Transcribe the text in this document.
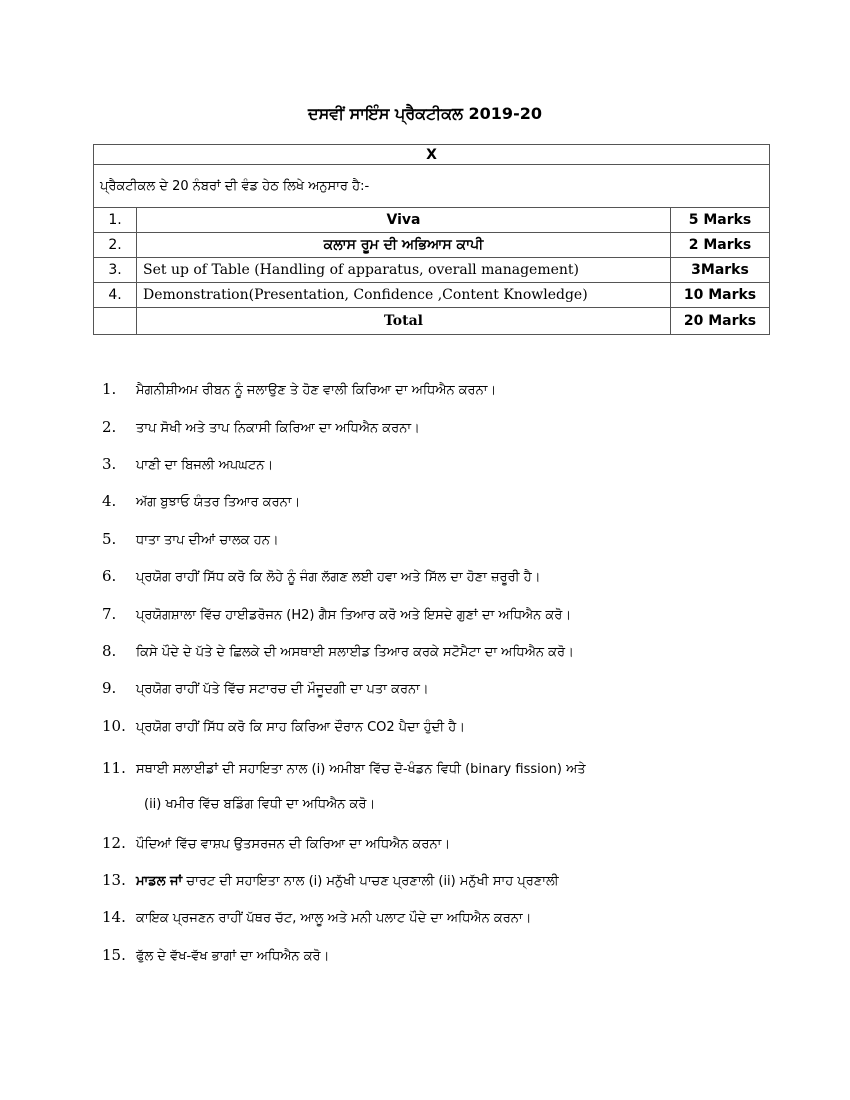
ਦਸਵੀਂ ਸਾਇੰਸ ਪ੍ਰੈਕਟੀਕਲ 2019-20
X		
ਪ੍ਰੈਕਟੀਕਲ ਦੇ 20 ਨੰਬਰਾਂ ਦੀ ਵੰਡ ਹੇਠ ਲਿਖੇ ਅਨੁਸਾਰ ਹੈ:-		
1.	Viva	5 Marks
2.	ਕਲਾਸ ਰੂਮ ਦੀ ਅਭਿਆਸ ਕਾਪੀ	2 Marks
3.	Set up of Table (Handling of apparatus, overall management)	3Marks
4.	Demonstration(Presentation, Confidence ,Content Knowledge)	10 Marks
	Total	20 Marks
1. ਮੈਗਨੀਸ਼ੀਅਮ ਰੀਬਨ ਨੂੰ ਜਲਾਉਣ ਤੇ ਹੋਣ ਵਾਲੀ ਕਿਰਿਆ ਦਾ ਅਧਿਐਨ ਕਰਨਾ।
2. ਤਾਪ ਸੋਖੀ ਅਤੇ ਤਾਪ ਨਿਕਾਸੀ ਕਿਰਿਆ ਦਾ ਅਧਿਐਨ ਕਰਨਾ।
3. ਪਾਣੀ ਦਾ ਬਿਜਲੀ ਅਪਘਟਨ।
4. ਅੱਗ ਬੁਝਾਓ ਯੰਤਰ ਤਿਆਰ ਕਰਨਾ।
5. ਧਾਤਾ ਤਾਪ ਦੀਆਂ ਚਾਲਕ ਹਨ।
6. ਪ੍ਰਯੋਗ ਰਾਹੀਂ ਸਿੱਧ ਕਰੋ ਕਿ ਲੋਹੇ ਨੂੰ ਜੰਗ ਲੱਗਣ ਲਈ ਹਵਾ ਅਤੇ ਸਿੱਲ ਦਾ ਹੋਣਾ ਜ਼ਰੂਰੀ ਹੈ।
7. ਪ੍ਰਯੋਗਸ਼ਾਲਾ ਵਿੱਚ ਹਾਈਡਰੋਜਨ (H2) ਗੈਸ ਤਿਆਰ ਕਰੋ ਅਤੇ ਇਸਦੇ ਗੁਣਾਂ ਦਾ ਅਧਿਐਨ ਕਰੋ।
8. ਕਿਸੇ ਪੌਦੇ ਦੇ ਪੱਤੇ ਦੇ ਛਿਲਕੇ ਦੀ ਅਸਥਾਈ ਸਲਾਈਡ ਤਿਆਰ ਕਰਕੇ ਸਟੋਮੈਟਾ ਦਾ ਅਧਿਐਨ ਕਰੋ।
9. ਪ੍ਰਯੋਗ ਰਾਹੀਂ ਪੱਤੇ ਵਿੱਚ ਸਟਾਰਚ ਦੀ ਮੌਜੂਦਗੀ ਦਾ ਪਤਾ ਕਰਨਾ।
10. ਪ੍ਰਯੋਗ ਰਾਹੀਂ ਸਿੱਧ ਕਰੋ ਕਿ ਸਾਹ ਕਿਰਿਆ ਦੌਰਾਨ CO2 ਪੈਦਾ ਹੁੰਦੀ ਹੈ।
11. ਸਥਾਈ ਸਲਾਈਡਾਂ ਦੀ ਸਹਾਇਤਾ ਨਾਲ (i) ਅਮੀਬਾ ਵਿੱਚ ਦੋ-ਖੰਡਨ ਵਿਧੀ (binary fission) ਅਤੇ
(ii) ਖਮੀਰ ਵਿੱਚ ਬਡਿੰਗ ਵਿਧੀ ਦਾ ਅਧਿਐਨ ਕਰੋ।
12. ਪੌਦਿਆਂ ਵਿੱਚ ਵਾਸ਼ਪ ਉਤਸਰਜਨ ਦੀ ਕਿਰਿਆ ਦਾ ਅਧਿਐਨ ਕਰਨਾ।
13. ਮਾਡਲ ਜਾਂ ਚਾਰਟ ਦੀ ਸਹਾਇਤਾ ਨਾਲ (i) ਮਨੁੱਖੀ ਪਾਚਣ ਪ੍ਰਣਾਲੀ (ii) ਮਨੁੱਖੀ ਸਾਹ ਪ੍ਰਣਾਲੀ
14. ਕਾਇਕ ਪ੍ਰਜਣਨ ਰਾਹੀਂ ਪੱਥਰ ਚੱਟ, ਆਲੂ ਅਤੇ ਮਨੀ ਪਲਾਟ ਪੌਦੇ ਦਾ ਅਧਿਐਨ ਕਰਨਾ।
15. ਫੁੱਲ ਦੇ ਵੱਖ-ਵੱਖ ਭਾਗਾਂ ਦਾ ਅਧਿਐਨ ਕਰੋ।
